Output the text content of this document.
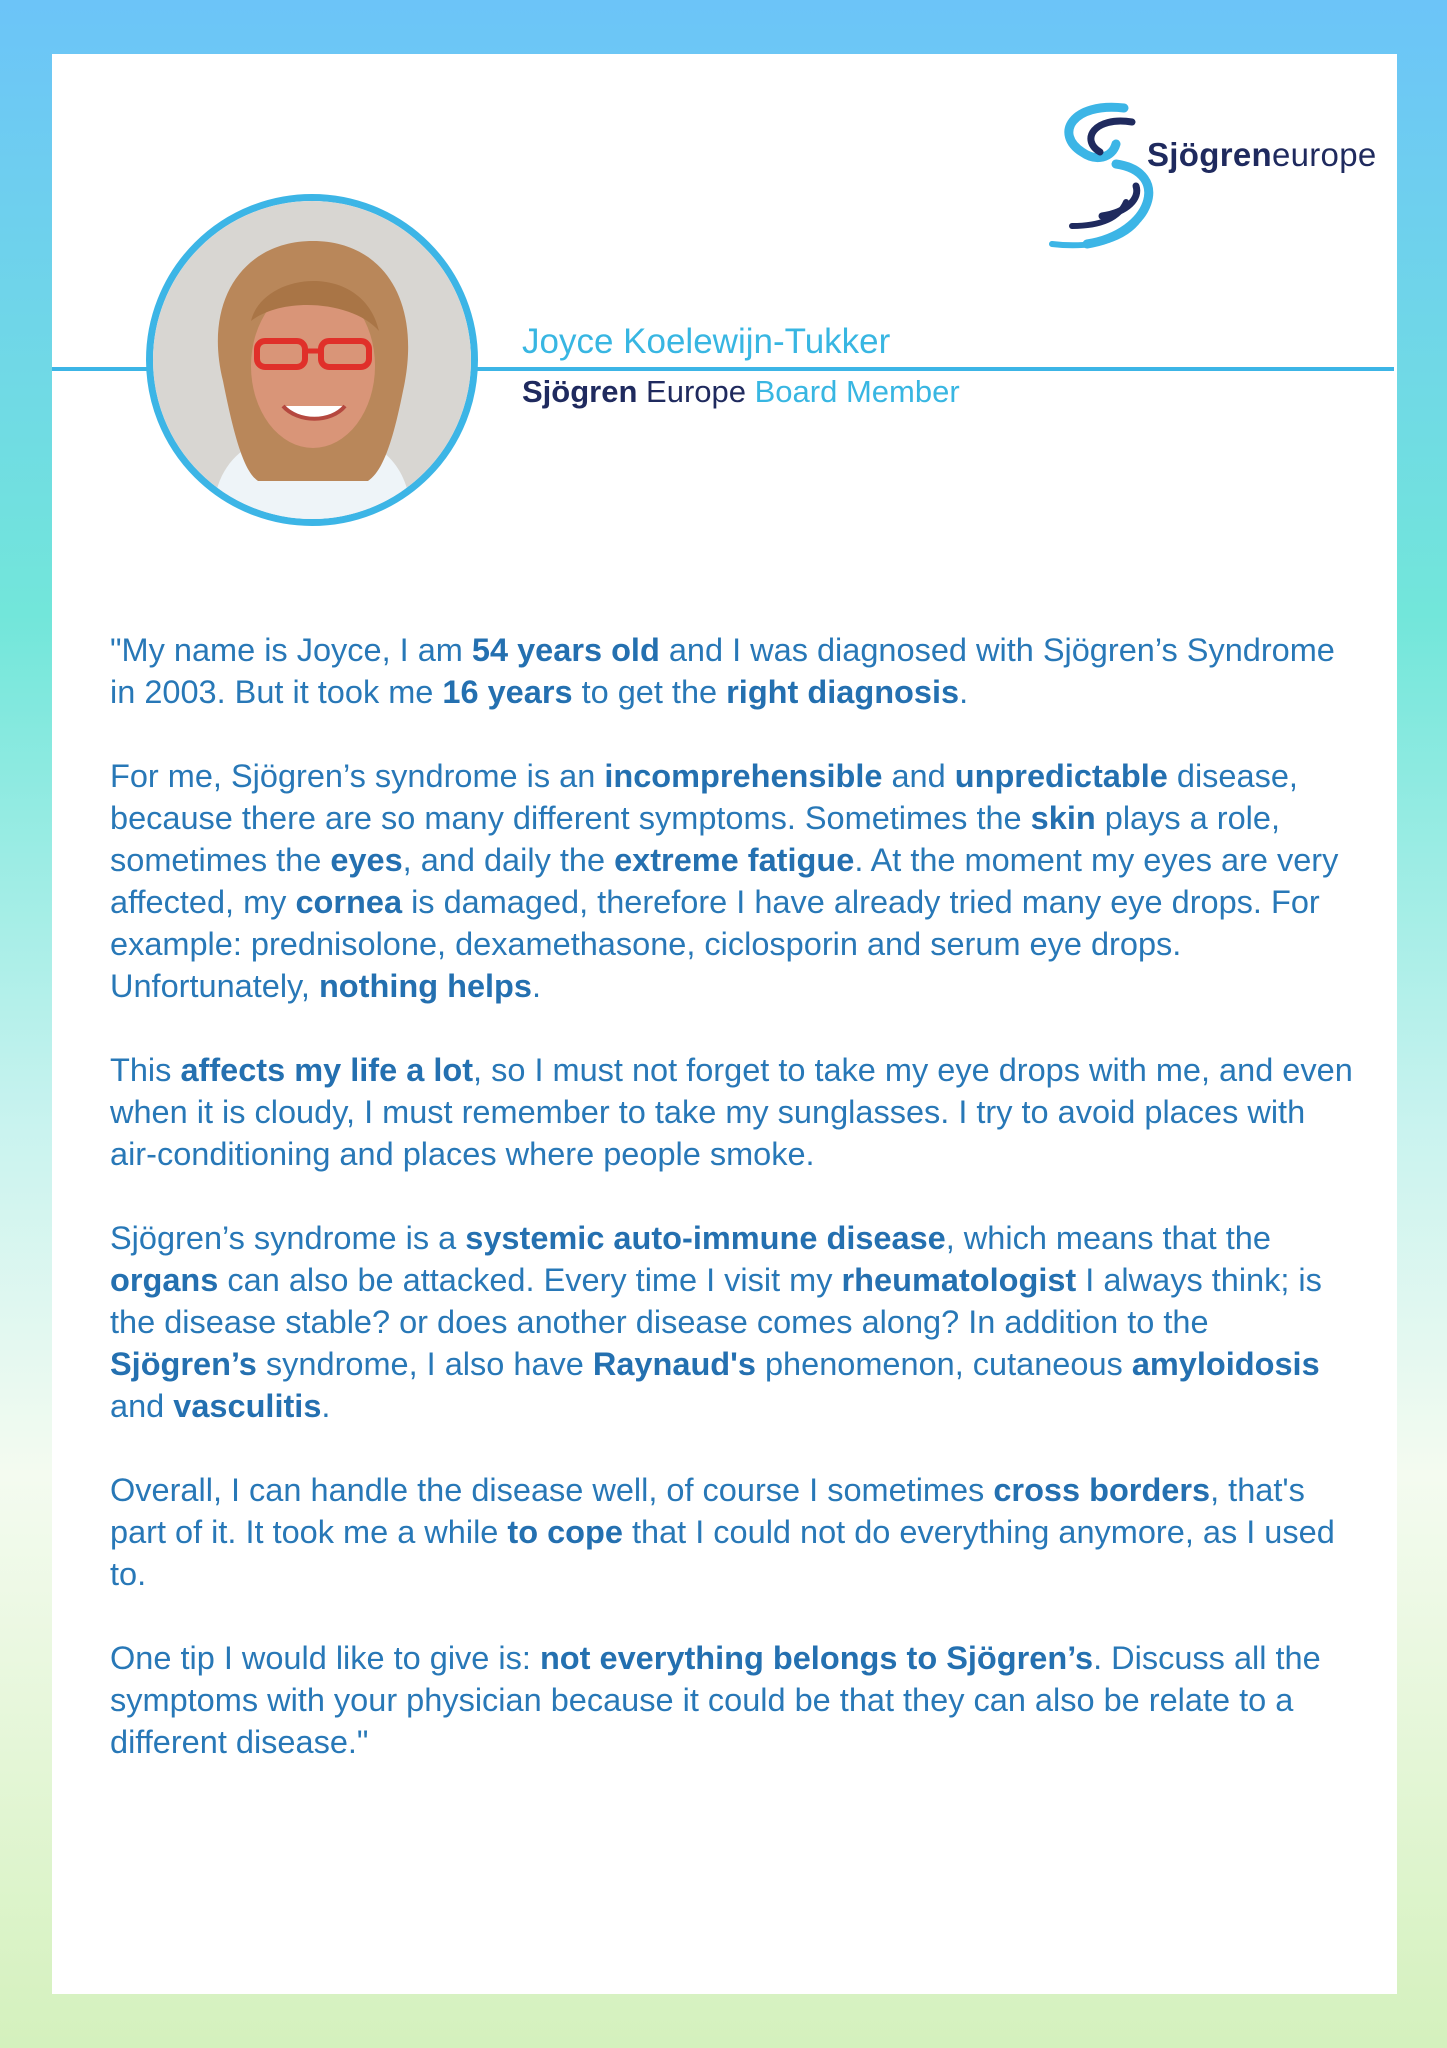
Sjögreneurope
Joyce Koelewijn-Tukker
Sjögren Europe Board Member

"My name is Joyce, I am 54 years old and I was diagnosed with Sjögren’s Syndrome in 2003. But it took me 16 years to get the right diagnosis.

For me, Sjögren’s syndrome is an incomprehensible and unpredictable disease, because there are so many different symptoms. Sometimes the skin plays a role, sometimes the eyes, and daily the extreme fatigue. At the moment my eyes are very affected, my cornea is damaged, therefore I have already tried many eye drops. For example: prednisolone, dexamethasone, ciclosporin and serum eye drops. Unfortunately, nothing helps.

This affects my life a lot, so I must not forget to take my eye drops with me, and even when it is cloudy, I must remember to take my sunglasses. I try to avoid places with air-conditioning and places where people smoke.

Sjögren’s syndrome is a systemic auto-immune disease, which means that the organs can also be attacked. Every time I visit my rheumatologist I always think; is the disease stable? or does another disease comes along? In addition to the Sjögren’s syndrome, I also have Raynaud's phenomenon, cutaneous amyloidosis and vasculitis.

Overall, I can handle the disease well, of course I sometimes cross borders, that's part of it. It took me a while to cope that I could not do everything anymore, as I used to.

One tip I would like to give is: not everything belongs to Sjögren’s. Discuss all the symptoms with your physician because it could be that they can also be relate to a different disease."
